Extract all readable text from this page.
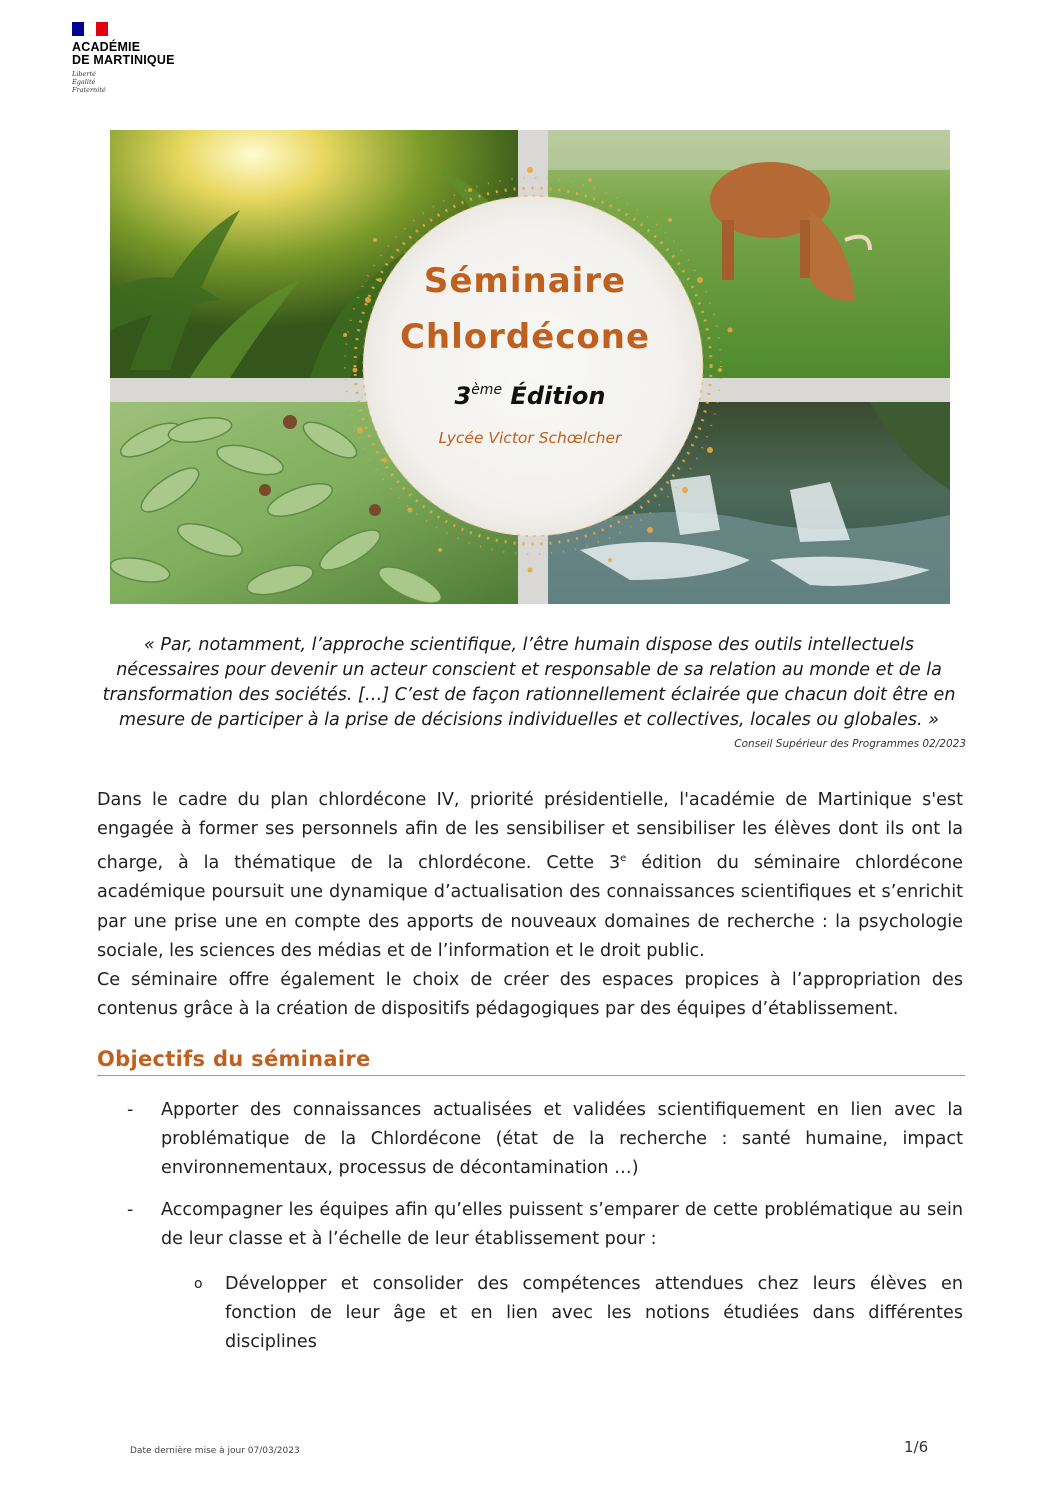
ACADÉMIE
DE MARTINIQUE
Liberté
Égalité
Fraternité
Séminaire
Chlordécone
3ème Édition
Lycée Victor Schœlcher
« Par, notamment, l’approche scientifique, l’être humain dispose des outils intellectuels nécessaires pour devenir un acteur conscient et responsable de sa relation au monde et de la transformation des sociétés. […] C’est de façon rationnellement éclairée que chacun doit être en mesure de participer à la prise de décisions individuelles et collectives, locales ou globales. »
Conseil Supérieur des Programmes 02/2023

Dans le cadre du plan chlordécone IV, priorité présidentielle, l'académie de Martinique s'est engagée à former ses personnels afin de les sensibiliser et sensibiliser les élèves dont ils ont la charge, à la thématique de la chlordécone. Cette 3e édition du séminaire chlordécone académique poursuit une dynamique d’actualisation des connaissances scientifiques et s’enrichit par une prise une en compte des apports de nouveaux domaines de recherche : la psychologie sociale, les sciences des médias et de l’information et le droit public.

Ce séminaire offre également le choix de créer des espaces propices à l’appropriation des contenus grâce à la création de dispositifs pédagogiques par des équipes d’établissement.

Objectifs du séminaire
- Apporter des connaissances actualisées et validées scientifiquement en lien avec la problématique de la Chlordécone (état de la recherche : santé humaine, impact environnementaux, processus de décontamination …)
- Accompagner les équipes afin qu’elles puissent s’emparer de cette problématique au sein de leur classe et à l’échelle de leur établissement pour :
o Développer et consolider des compétences attendues chez leurs élèves en fonction de leur âge et en lien avec les notions étudiées dans différentes disciplines
Date dernière mise à jour 07/03/2023	1/6
